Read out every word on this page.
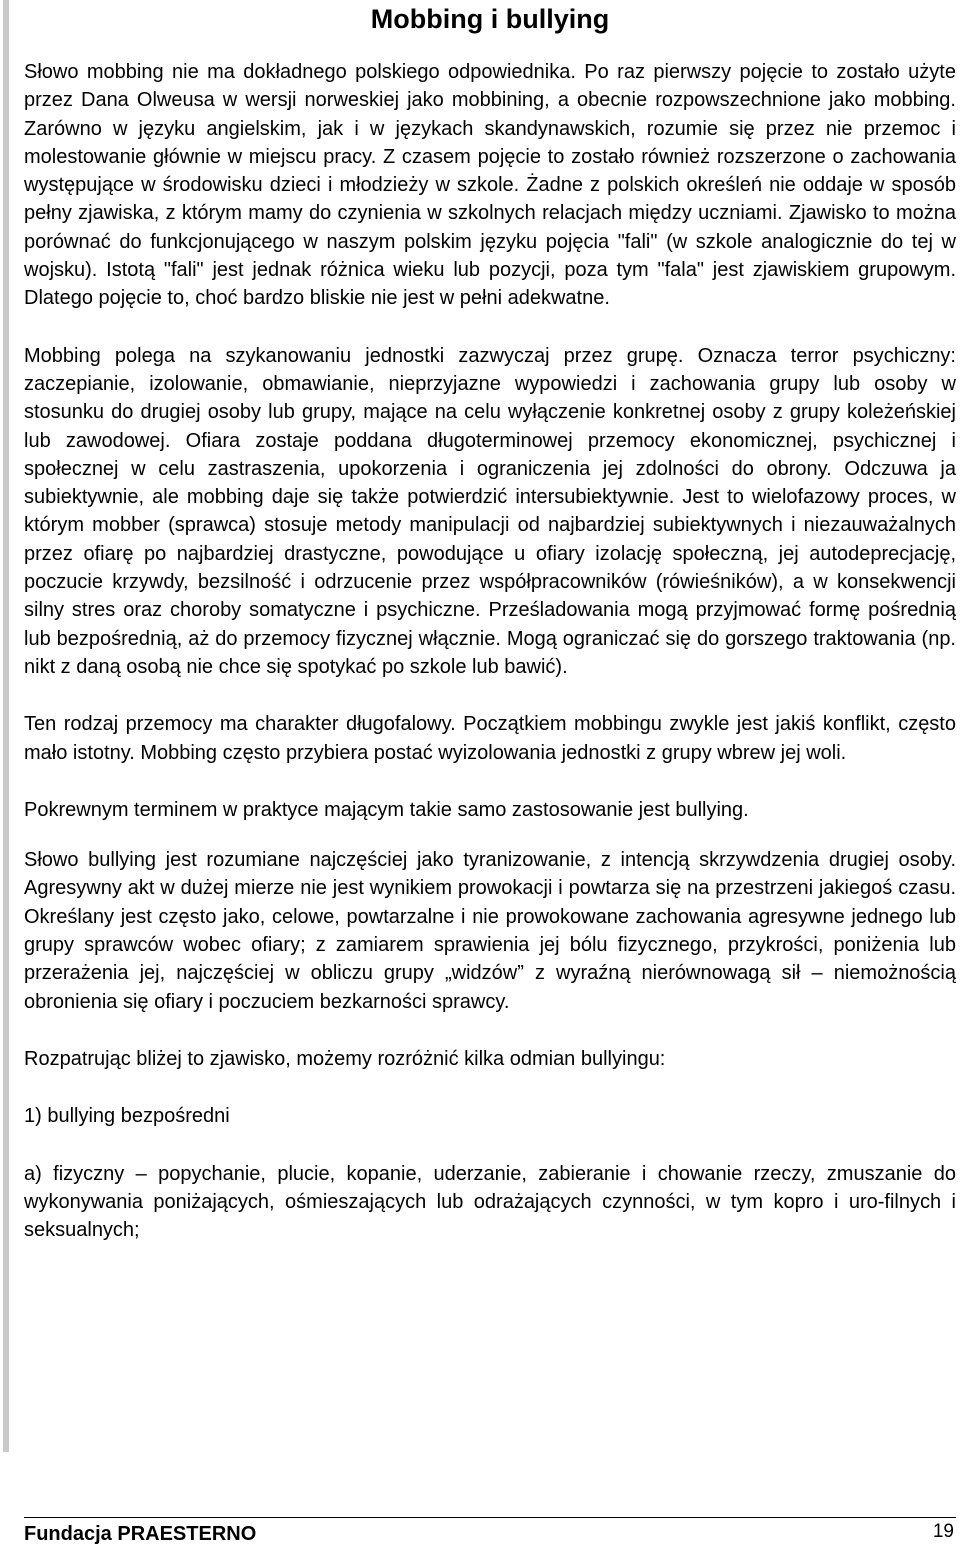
Mobbing i bullying

Słowo mobbing nie ma dokładnego polskiego odpowiednika. Po raz pierwszy pojęcie to zostało użyte przez Dana Olweusa w wersji norweskiej jako mobbining, a obecnie rozpowszechnione jako mobbing. Zarówno w języku angielskim, jak i w językach skandynawskich, rozumie się przez nie przemoc i molestowanie głównie w miejscu pracy. Z czasem pojęcie to zostało również rozszerzone o zachowania występujące w środowisku dzieci i młodzieży w szkole. Żadne z polskich określeń nie oddaje w sposób pełny zjawiska, z którym mamy do czynienia w szkolnych relacjach między uczniami. Zjawisko to można porównać do funkcjonującego w naszym polskim języku pojęcia "fali" (w szkole analogicznie do tej w wojsku). Istotą "fali" jest jednak różnica wieku lub pozycji, poza tym "fala" jest zjawiskiem grupowym. Dlatego pojęcie to, choć bardzo bliskie nie jest w pełni adekwatne.

Mobbing polega na szykanowaniu jednostki zazwyczaj przez grupę. Oznacza terror psychiczny: zaczepianie, izolowanie, obmawianie, nieprzyjazne wypowiedzi i zachowania grupy lub osoby w stosunku do drugiej osoby lub grupy, mające na celu wyłączenie konkretnej osoby z grupy koleżeńskiej lub zawodowej. Ofiara zostaje poddana długoterminowej przemocy ekonomicznej, psychicznej i społecznej w celu zastraszenia, upokorzenia i ograniczenia jej zdolności do obrony. Odczuwa ja subiektywnie, ale mobbing daje się także potwierdzić intersubiektywnie. Jest to wielofazowy proces, w którym mobber (sprawca) stosuje metody manipulacji od najbardziej subiektywnych i niezauważalnych przez ofiarę po najbardziej drastyczne, powodujące u ofiary izolację społeczną, jej autodeprecjację, poczucie krzywdy, bezsilność i odrzucenie przez współpracowników (rówieśników), a w konsekwencji silny stres oraz choroby somatyczne i psychiczne. Prześladowania mogą przyjmować formę pośrednią lub bezpośrednią, aż do przemocy fizycznej włącznie. Mogą ograniczać się do gorszego traktowania (np. nikt z daną osobą nie chce się spotykać po szkole lub bawić).

Ten rodzaj przemocy ma charakter długofalowy. Początkiem mobbingu zwykle jest jakiś konflikt, często mało istotny. Mobbing często przybiera postać wyizolowania jednostki z grupy wbrew jej woli.

Pokrewnym terminem w praktyce mającym takie samo zastosowanie jest bullying.

Słowo bullying jest rozumiane najczęściej jako tyranizowanie, z intencją skrzywdzenia drugiej osoby. Agresywny akt w dużej mierze nie jest wynikiem prowokacji i powtarza się na przestrzeni jakiegoś czasu. Określany jest często jako, celowe, powtarzalne i nie prowokowane zachowania agresywne jednego lub grupy sprawców wobec ofiary; z zamiarem sprawienia jej bólu fizycznego, przykrości, poniżenia lub przerażenia jej, najczęściej w obliczu grupy „widzów” z wyraźną nierównowagą sił – niemożnością obronienia się ofiary i poczuciem bezkarności sprawcy.

Rozpatrując bliżej to zjawisko, możemy rozróżnić kilka odmian bullyingu:

1) bullying bezpośredni

a) fizyczny – popychanie, plucie, kopanie, uderzanie, zabieranie i chowanie rzeczy, zmuszanie do wykonywania poniżających, ośmieszających lub odrażających czynności, w tym kopro i uro-filnych i seksualnych;

Fundacja PRAESTERNO	19
